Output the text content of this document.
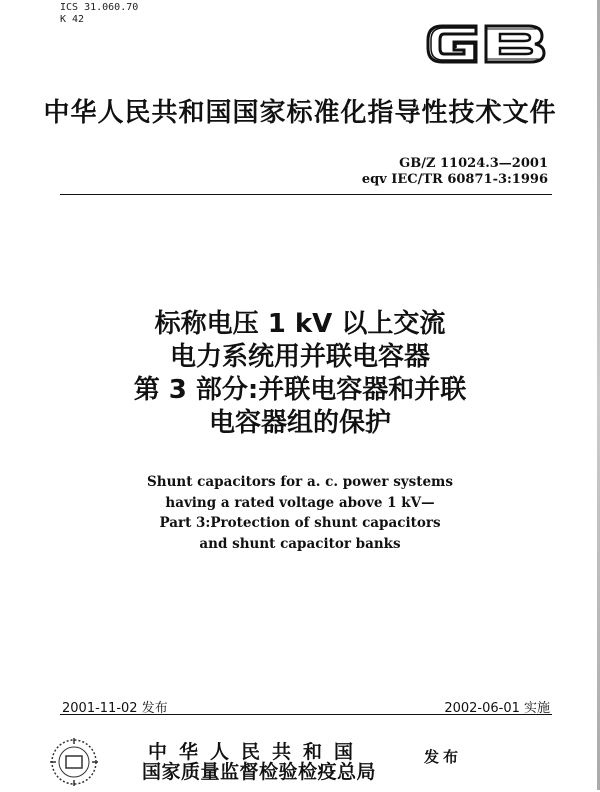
ICS 31.060.70
K 42
中华人民共和国国家标准化指导性技术文件
GB/Z 11024.3—2001
eqv IEC/TR 60871-3:1996
标称电压 1 kV 以上交流
电力系统用并联电容器
第 3 部分:并联电容器和并联
电容器组的保护
Shunt capacitors for a. c. power systems
having a rated voltage above 1 kV—
Part 3:Protection of shunt capacitors
and shunt capacitor banks
2001-11-02 发布	2002-06-01 实施
中华人民共和国
国家质量监督检验检疫总局
发布
